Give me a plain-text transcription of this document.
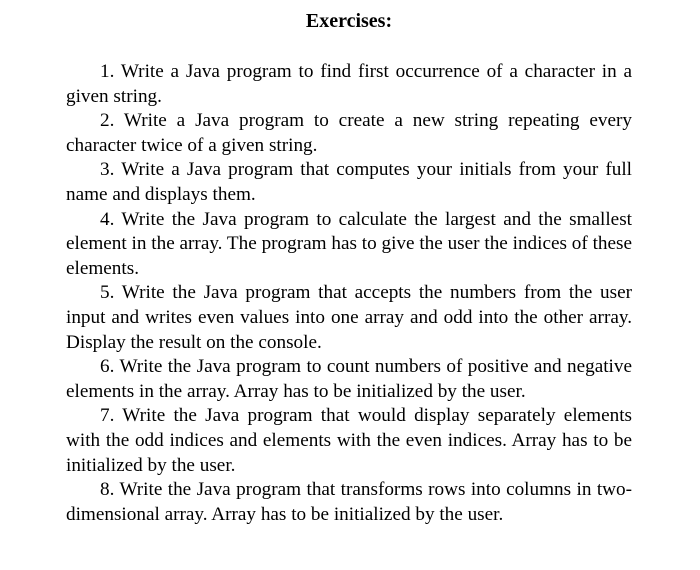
Exercises:
1. Write a Java program to find first occurrence of a character in a given string.
2. Write a Java program to create a new string repeating every character twice of a given string.
3. Write a Java program that computes your initials from your full name and displays them.
4. Write the Java program to calculate the largest and the smallest element in the array. The program has to give the user the indices of these elements.
5. Write the Java program that accepts the numbers from the user input and writes even values into one array and odd into the other array. Display the result on the console.
6. Write the Java program to count numbers of positive and negative elements in the array. Array has to be initialized by the user.
7. Write the Java program that would display separately elements with the odd indices and elements with the even indices. Array has to be initialized by the user.
8. Write the Java program that transforms rows into columns in two-dimensional array. Array has to be initialized by the user.
